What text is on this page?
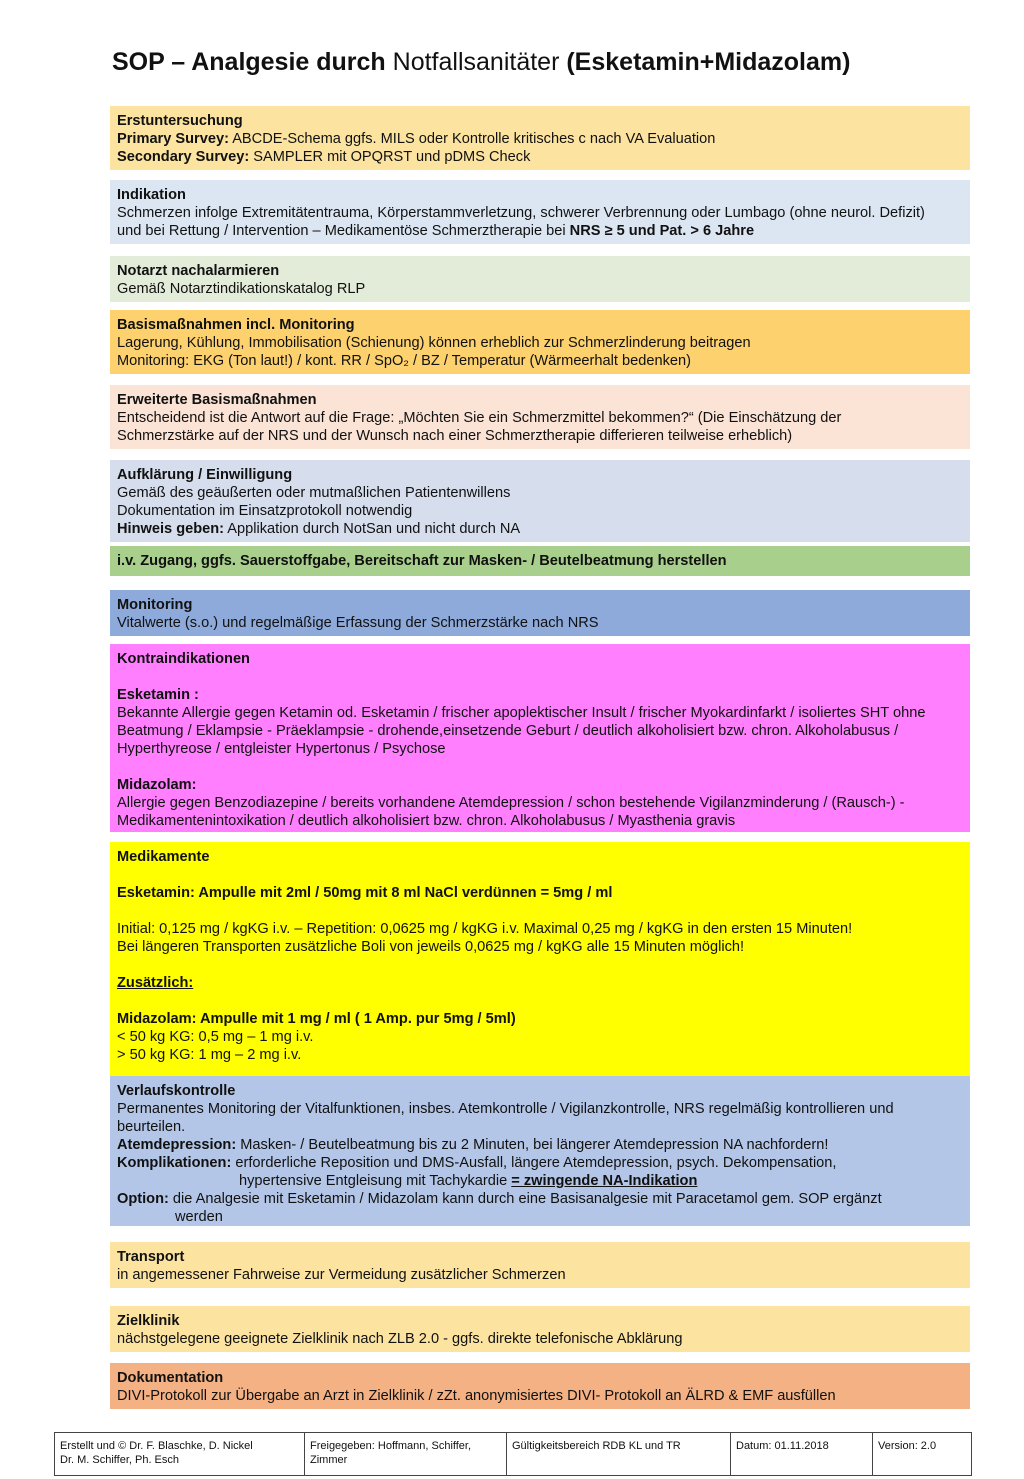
SOP – Analgesie durch Notfallsanitäter (Esketamin+Midazolam)

Erstuntersuchung

Primary Survey: ABCDE-Schema ggfs. MILS oder Kontrolle kritisches c nach VA Evaluation

Secondary Survey: SAMPLER mit OPQRST und pDMS Check

Indikation

Schmerzen infolge Extremitätentrauma, Körperstammverletzung, schwerer Verbrennung oder Lumbago (ohne neurol. Defizit)

und bei Rettung / Intervention – Medikamentöse Schmerztherapie bei NRS ≥ 5 und Pat. > 6 Jahre

Notarzt nachalarmieren

Gemäß Notarztindikationskatalog RLP

Basismaßnahmen incl. Monitoring

Lagerung, Kühlung, Immobilisation (Schienung) können erheblich zur Schmerzlinderung beitragen

Monitoring: EKG (Ton laut!) / kont. RR / SpO₂ / BZ / Temperatur (Wärmeerhalt bedenken)

Erweiterte Basismaßnahmen

Entscheidend ist die Antwort auf die Frage: „Möchten Sie ein Schmerzmittel bekommen?“ (Die Einschätzung der

Schmerzstärke auf der NRS und der Wunsch nach einer Schmerztherapie differieren teilweise erheblich)

Aufklärung / Einwilligung

Gemäß des geäußerten oder mutmaßlichen Patientenwillens

Dokumentation im Einsatzprotokoll notwendig

Hinweis geben: Applikation durch NotSan und nicht durch NA

i.v. Zugang, ggfs. Sauerstoffgabe, Bereitschaft zur Masken- / Beutelbeatmung herstellen

Monitoring

Vitalwerte (s.o.) und regelmäßige Erfassung der Schmerzstärke nach NRS

Kontraindikationen

Esketamin :

Bekannte Allergie gegen Ketamin od. Esketamin / frischer apoplektischer Insult / frischer Myokardinfarkt / isoliertes SHT ohne

Beatmung / Eklampsie - Präeklampsie - drohende,einsetzende Geburt / deutlich alkoholisiert bzw. chron. Alkoholabusus /

Hyperthyreose / entgleister Hypertonus / Psychose

Midazolam:

Allergie gegen Benzodiazepine / bereits vorhandene Atemdepression / schon bestehende Vigilanzminderung / (Rausch-) -

Medikamentenintoxikation / deutlich alkoholisiert bzw. chron. Alkoholabusus / Myasthenia gravis

Medikamente

Esketamin: Ampulle mit 2ml / 50mg mit 8 ml NaCl verdünnen = 5mg / ml

Initial: 0,125 mg / kgKG i.v. – Repetition: 0,0625 mg / kgKG i.v. Maximal 0,25 mg / kgKG in den ersten 15 Minuten!

Bei längeren Transporten zusätzliche Boli von jeweils 0,0625 mg / kgKG alle 15 Minuten möglich!

Zusätzlich:

Midazolam: Ampulle mit 1 mg / ml ( 1 Amp. pur 5mg / 5ml)

< 50 kg KG: 0,5 mg – 1 mg i.v.

> 50 kg KG: 1 mg – 2 mg i.v.

Verlaufskontrolle

Permanentes Monitoring der Vitalfunktionen, insbes. Atemkontrolle / Vigilanzkontrolle, NRS regelmäßig kontrollieren und

beurteilen.

Atemdepression: Masken- / Beutelbeatmung bis zu 2 Minuten, bei längerer Atemdepression NA nachfordern!

Komplikationen: erforderliche Reposition und DMS-Ausfall, längere Atemdepression, psych. Dekompensation,

hypertensive Entgleisung mit Tachykardie = zwingende NA-Indikation

Option: die Analgesie mit Esketamin / Midazolam kann durch eine Basisanalgesie mit Paracetamol gem. SOP ergänzt

werden

Transport

in angemessener Fahrweise zur Vermeidung zusätzlicher Schmerzen

Zielklinik

nächstgelegene geeignete Zielklinik nach ZLB 2.0 - ggfs. direkte telefonische Abklärung

Dokumentation

DIVI-Protokoll zur Übergabe an Arzt in Zielklinik / zZt. anonymisiertes DIVI- Protokoll an ÄLRD & EMF ausfüllen

Erstellt und © Dr. F. Blaschke, D. Nickel
Dr. M. Schiffer, Ph. Esch
Freigegeben: Hoffmann, Schiffer,
Zimmer
Gültigkeitsbereich RDB KL und TR	Datum: 01.11.2018	Version: 2.0
